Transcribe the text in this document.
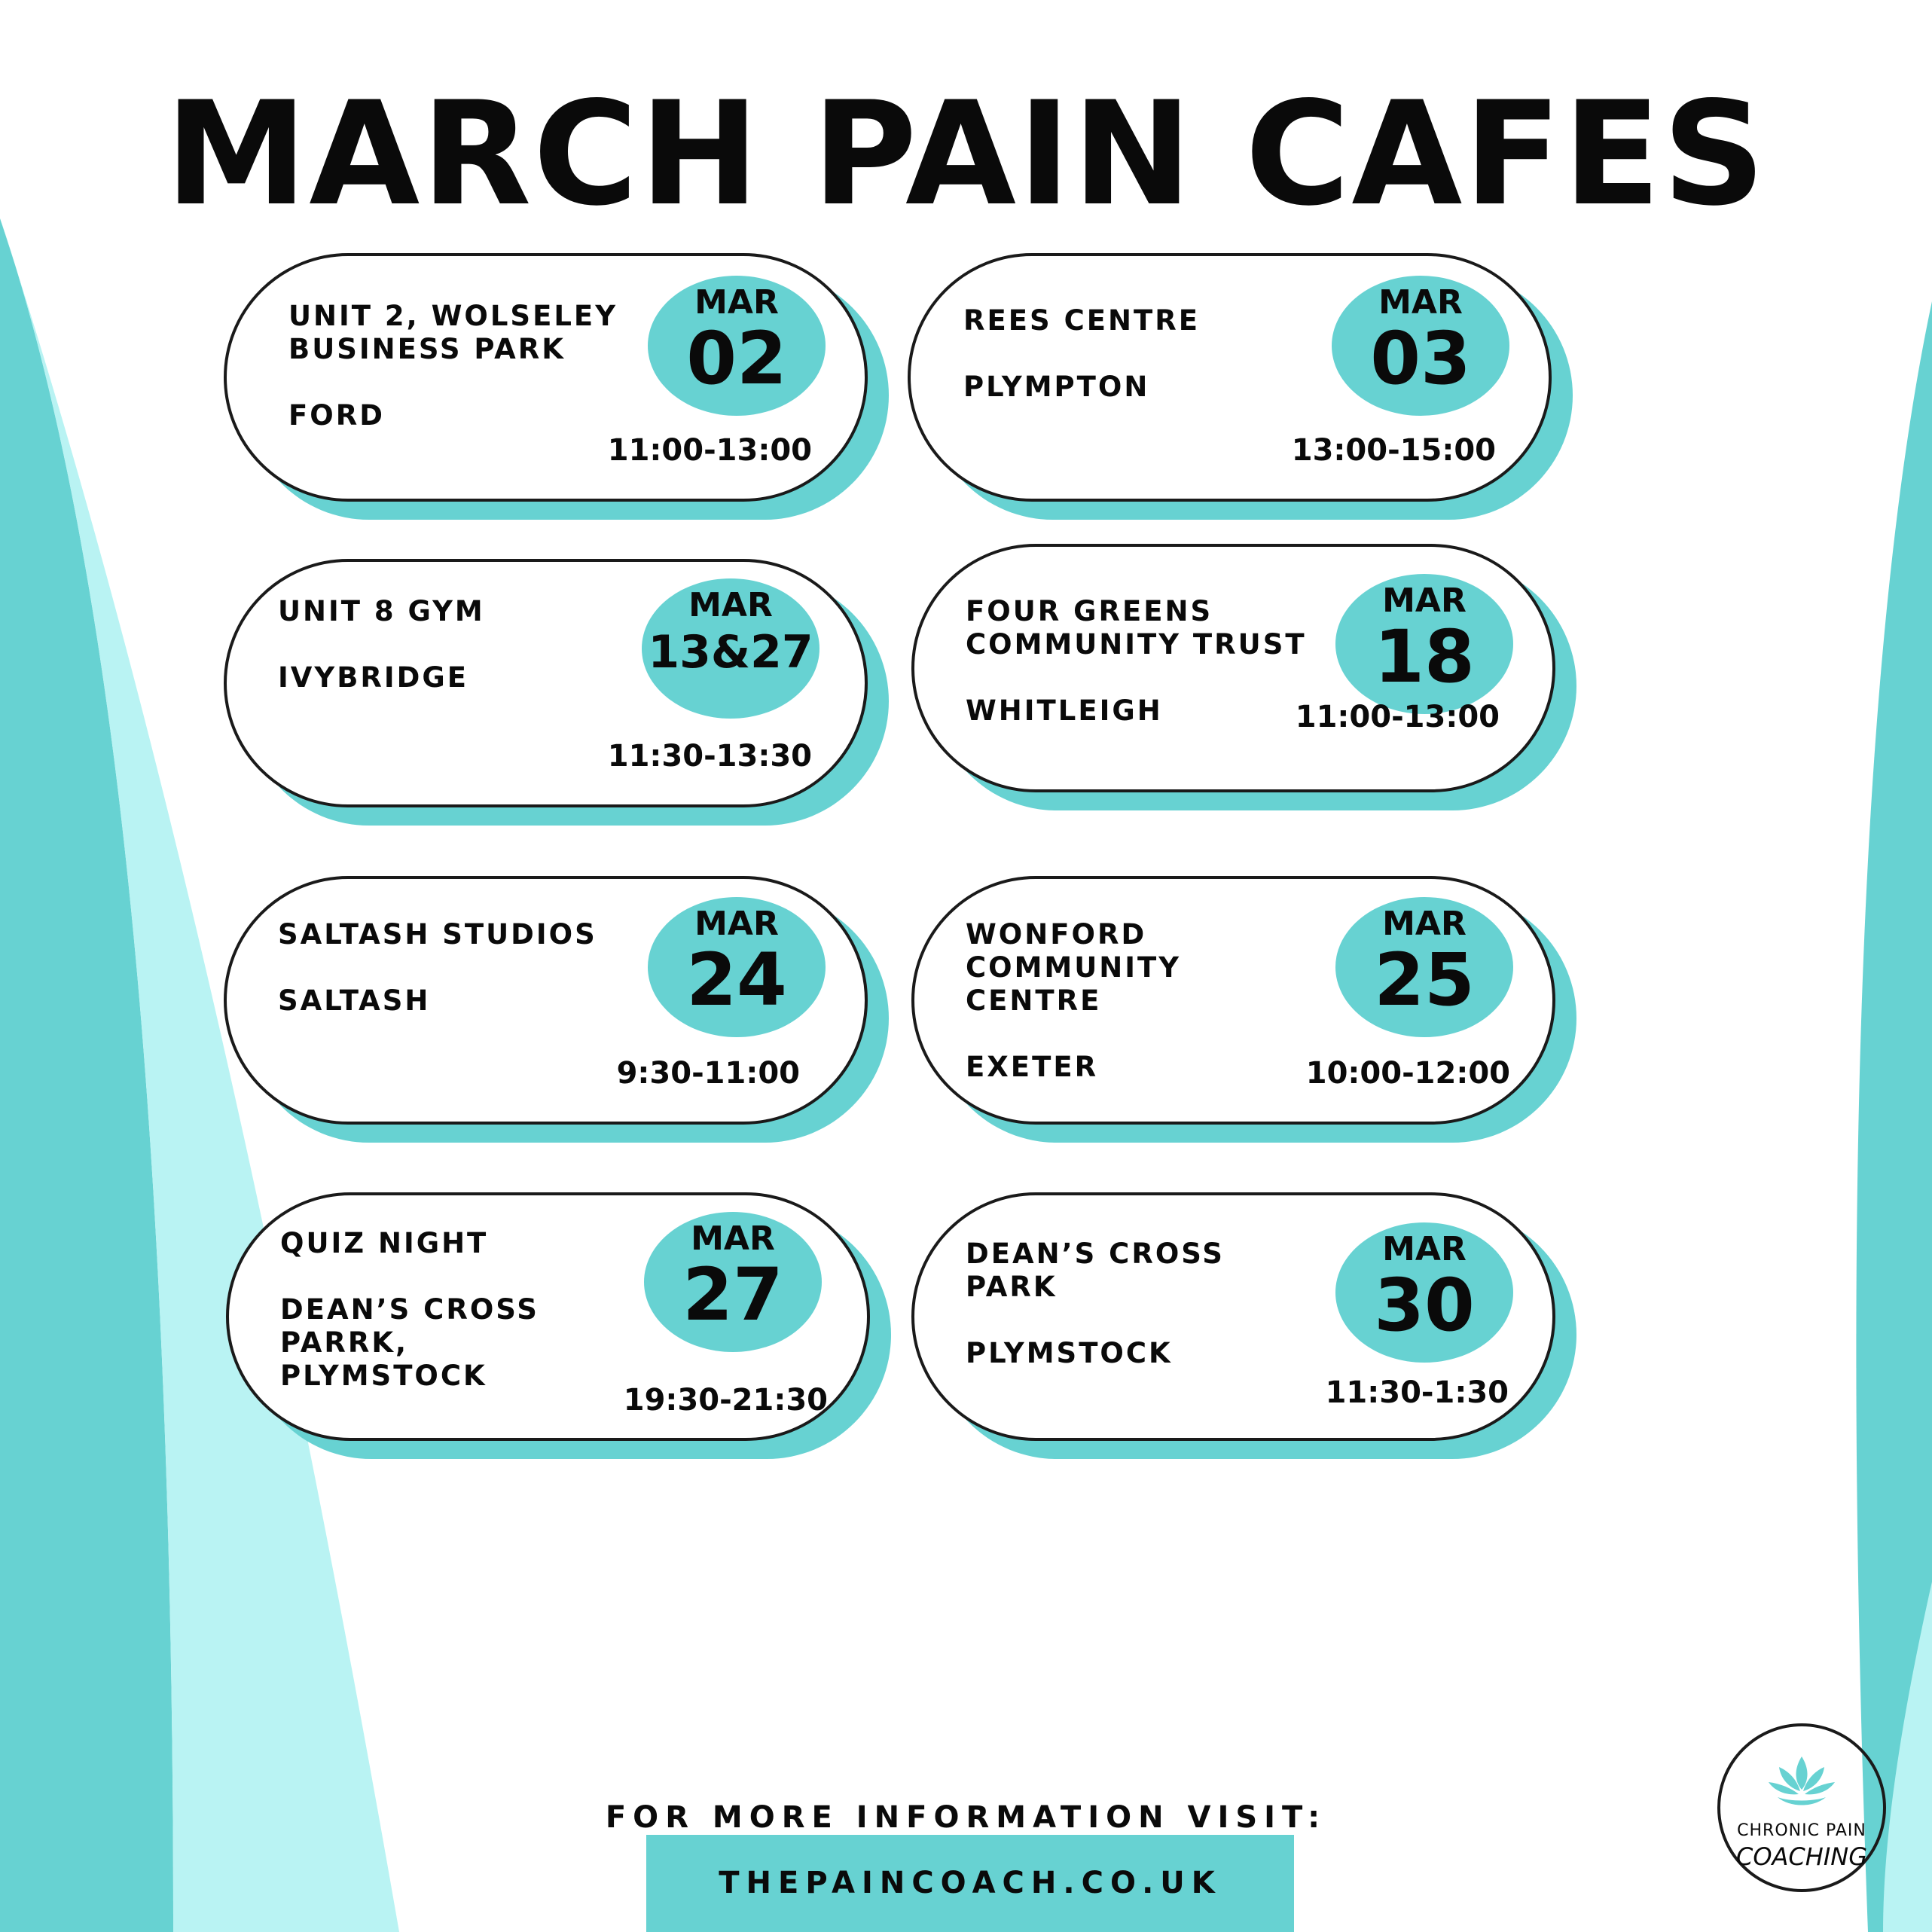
MARCH PAIN CAFES
UNIT 2, WOLSELEY
BUSINESS PARK
FORD
MAR
02
11:00-13:00
REES CENTRE
PLYMPTON
MAR
03
13:00-15:00
UNIT 8 GYM
IVYBRIDGE
MAR
13&27
11:30-13:30
FOUR GREENS
COMMUNITY TRUST
WHITLEIGH
MAR
18
11:00-13:00
SALTASH STUDIOS
SALTASH
MAR
24
9:30-11:00
WONFORD
COMMUNITY
CENTRE
EXETER
MAR
25
10:00-12:00
QUIZ NIGHT
DEAN’S CROSS
PARRK,
PLYMSTOCK
MAR
27
19:30-21:30
DEAN’S CROSS
PARK
PLYMSTOCK
MAR
30
11:30-1:30
FOR MORE INFORMATION VISIT:
THEPAINCOACH.CO.UK
CHRONIC PAIN
COACHING
